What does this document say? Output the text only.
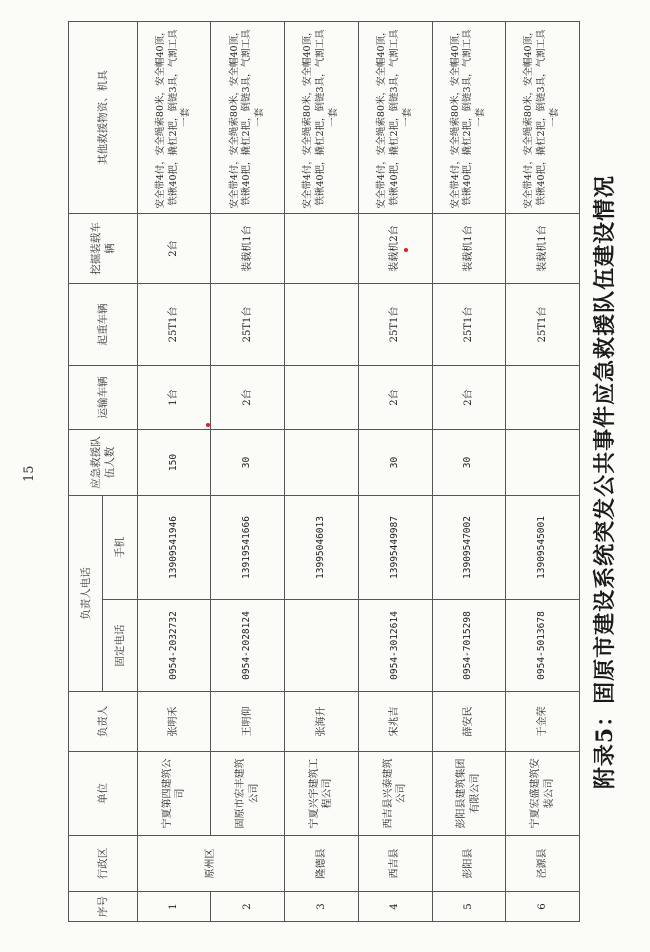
附录5：固原市建设系统突发公共事件应急救援队伍建设情况
序号	行政区	单位	负责人	负责人电话		应急救援队伍人数	运输车辆	起重车辆	挖掘装载车辆	其他救援物资、机具
				固定电话	手机					
1	原州区	宁夏第四建筑公司	张明禾	0954-2032732	13909541946	150	1台	25T1台	2台	安全带4付，安全绳索80米，安全帽40顶，铁锹40把，撬杠2把，倒链3具，气割工具一套
2		固原市宏丰建筑公司	王明仰	0954-2028124	13919541666	30	2台	25T1台	装载机1台	安全带4付，安全绳索80米，安全帽40顶，铁锹40把，撬杠2把，倒链3具，气割工具一套
3	隆德县	宁夏兴宇建筑工程公司	张海升		13995046013					安全带4付，安全绳索80米，安全帽40顶，铁锹40把，撬杠2把，倒链3具，气割工具一套
4	西吉县	西吉县兴泰建筑公司	宋兆吉	0954-3012614	13995449987	30	2台	25T1台	装载机2台	安全带4付，安全绳索80米，安全帽40顶，铁锹40把，撬杠2把，倒链3具，气割工具一套
5	彭阳县	彭阳县建筑集团有限公司	薛安民	0954-7015298	13909547002	30	2台	25T1台	装载机1台	安全带4付，安全绳索80米，安全帽40顶，铁锹40把，撬杠2把，倒链3具，气割工具一套
6	泾源县	宁夏宏盛建筑安装公司	于金荣	0954-5013678	13909545001			25T1台	装载机1台	安全带4付，安全绳索80米，安全帽40顶，铁锹40把，撬杠2把，倒链3具，气割工具一套
15
